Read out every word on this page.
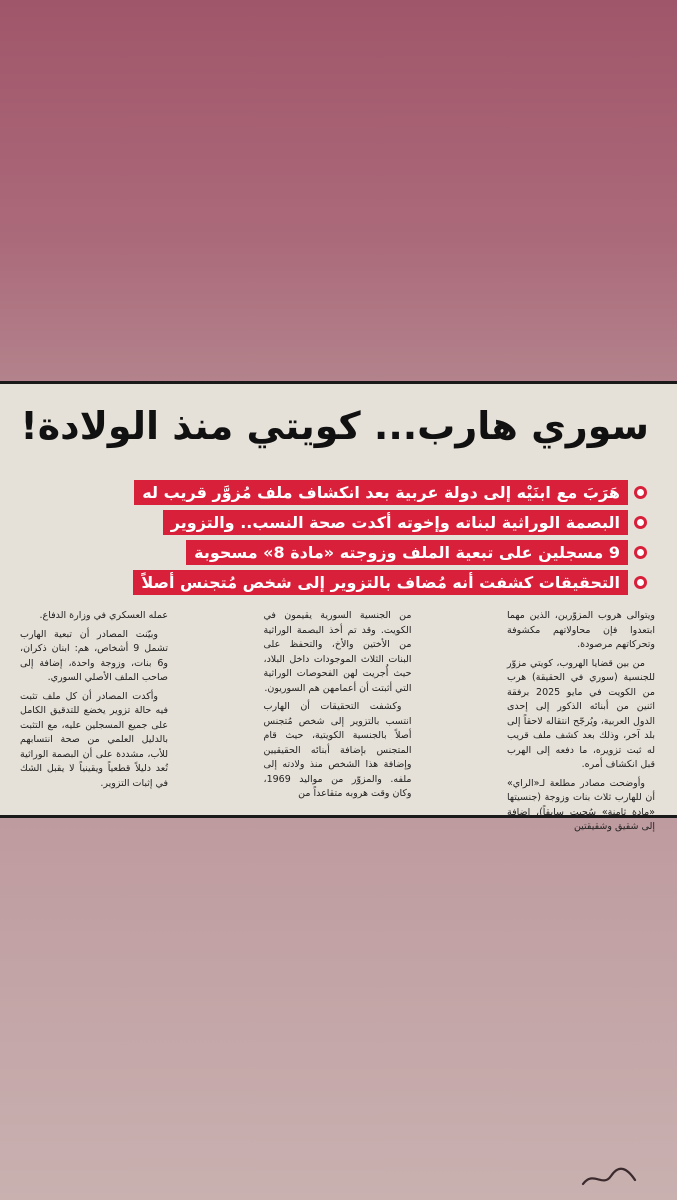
سوري هارب... كويتي منذ الولادة!
هَرَبَ مع ابنَيْه إلى دولة عربية بعد انكشاف ملف مُزوَّر قريب له
البصمة الوراثية لبناته وإخوته أكدت صحة النسب.. والتزوير
9 مسجلين على تبعية الملف وزوجته «مادة 8» مسحوبة
التحقيقات كشفت أنه مُضاف بالتزوير إلى شخص مُتجنس أصلاً

ويتوالى هروب المزوّرين، الذين مهما ابتعدوا فإن محاولاتهم مكشوفة وتحركاتهم مرصودة.

من بين قضايا الهروب، كويتي مزوّر للجنسية (سوري في الحقيقة) هرب من الكويت في مايو 2025 برفقة اثنين من أبنائه الذكور إلى إحدى الدول العربية، ويُرجّح انتقاله لاحقاً إلى بلد آخر، وذلك بعد كشف ملف قريب له ثبت تزويره، ما دفعه إلى الهرب قبل انكشاف أمره.

وأوضحت مصادر مطلعة لـ«الراي» أن للهارب ثلاث بنات وزوجة (جنسيتها «مادة ثامنة» سُحبت سابقاً)، إضافة إلى شقيق وشقيقتين

من الجنسية السورية يقيمون في الكويت. وقد تم أخذ البصمة الوراثية من الأختين والأخ، والتحفظ على البنات الثلاث الموجودات داخل البلاد، حيث أُجريت لهن الفحوصات الوراثية التي أثبتت أن أعمامهن هم السوريون.

وكشفت التحقيقات أن الهارب انتسب بالتزوير إلى شخص مُتجنس أصلاً بالجنسية الكويتية، حيث قام المتجنس بإضافة أبنائه الحقيقيين وإضافة هذا الشخص منذ ولادته إلى ملفه. والمزوّر من مواليد 1969، وكان وقت هروبه متقاعداً من

عمله العسكري في وزارة الدفاع.

وبيّنت المصادر أن تبعية الهارب تشمل 9 أشخاص، هم: ابنان ذكران، و6 بنات، وزوجة واحدة، إضافة إلى صاحب الملف الأصلي السوري.

وأكدت المصادر أن كل ملف تثبت فيه حالة تزوير يخضع للتدقيق الكامل على جميع المسجلين عليه، مع التثبت بالدليل العلمي من صحة انتسابهم للأب، مشددة على أن البصمة الوراثية تُعد دليلاً قطعياً ويقينياً لا يقبل الشك في إثبات التزوير.
